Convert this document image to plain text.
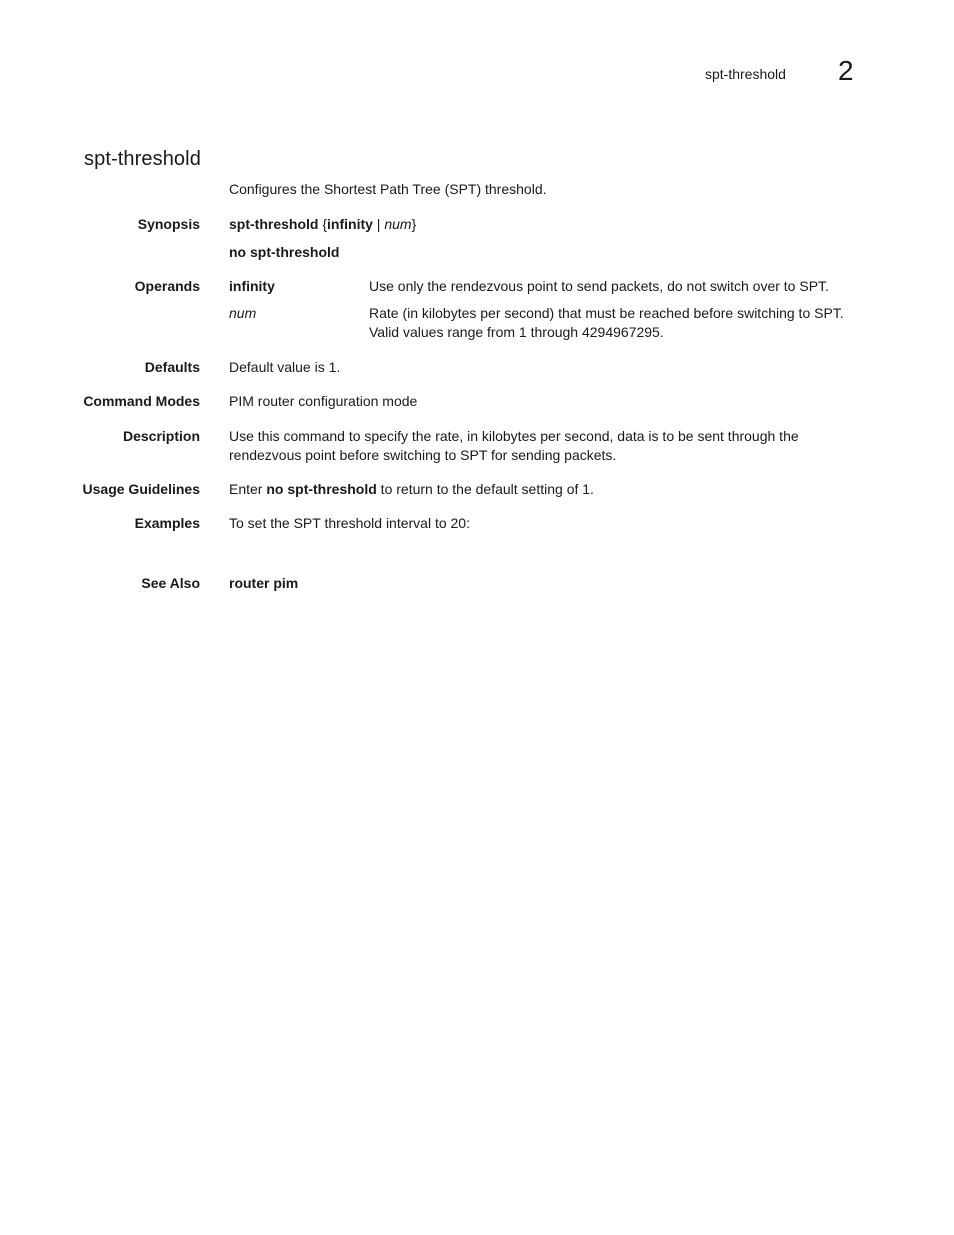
spt-threshold 2
spt-threshold
Configures the Shortest Path Tree (SPT) threshold.
Synopsis spt-threshold {infinity | num}
no spt-threshold
Operands infinity	Use only the rendezvous point to send packets, do not switch over to SPT.
num	Rate (in kilobytes per second) that must be reached before switching to SPT.
Valid values range from 1 through 4294967295.
Defaults Default value is 1.
Command Modes PIM router configuration mode
Description Use this command to specify the rate, in kilobytes per second, data is to be sent through the
rendezvous point before switching to SPT for sending packets.
Usage Guidelines Enter no spt-threshold to return to the default setting of 1.
Examples To set the SPT threshold interval to 20:
See Also router pim
